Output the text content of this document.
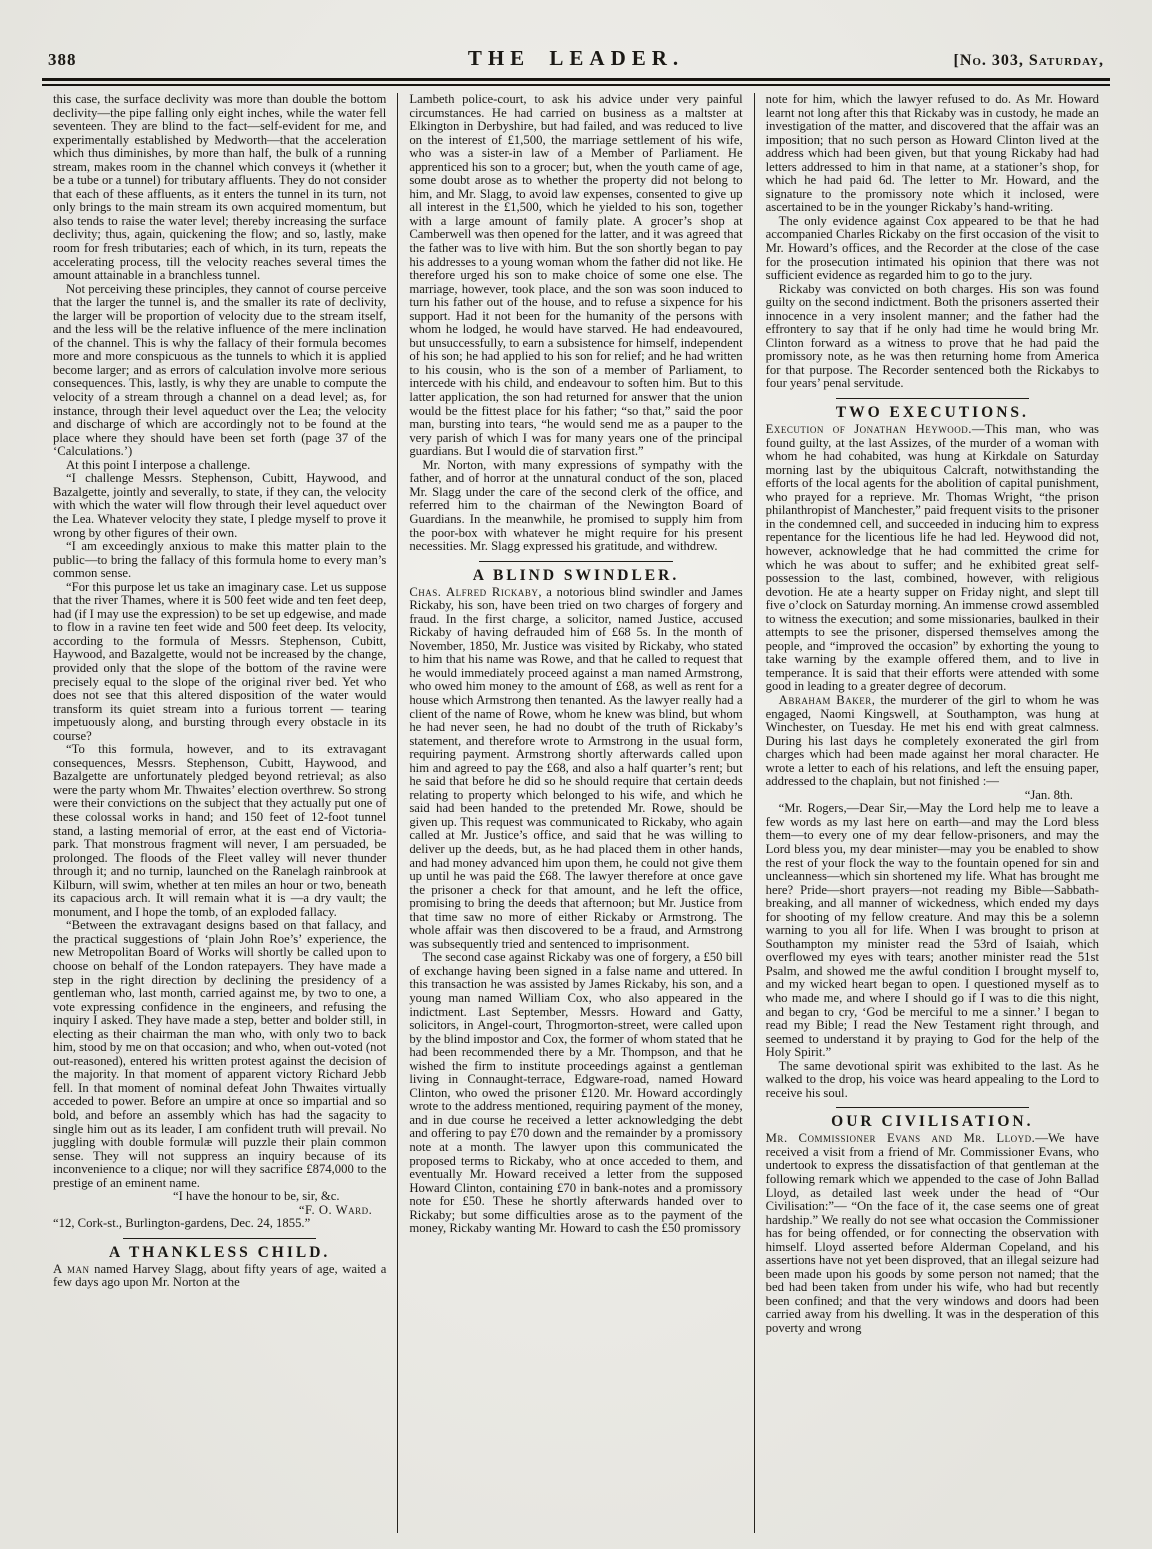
388	THE LEADER.	[No. 303, Saturday,

this case, the surface declivity was more than double the bottom declivity—the pipe falling only eight inches, while the water fell seventeen. They are blind to the fact—self-evident for me, and experimentally established by Medworth—that the acceleration which thus diminishes, by more than half, the bulk of a running stream, makes room in the channel which conveys it (whether it be a tube or a tunnel) for tributary affluents. They do not consider that each of these affluents, as it enters the tunnel in its turn, not only brings to the main stream its own acquired momentum, but also tends to raise the water level; thereby increasing the surface declivity; thus, again, quickening the flow; and so, lastly, make room for fresh tributaries; each of which, in its turn, repeats the accelerating process, till the velocity reaches several times the amount attainable in a branchless tunnel.

Not perceiving these principles, they cannot of course perceive that the larger the tunnel is, and the smaller its rate of declivity, the larger will be proportion of velocity due to the stream itself, and the less will be the relative influence of the mere inclination of the channel. This is why the fallacy of their formula becomes more and more conspicuous as the tunnels to which it is applied become larger; and as errors of calculation involve more serious consequences. This, lastly, is why they are unable to compute the velocity of a stream through a channel on a dead level; as, for instance, through their level aqueduct over the Lea; the velocity and discharge of which are accordingly not to be found at the place where they should have been set forth (page 37 of the ‘Calculations.’)

At this point I interpose a challenge.

“I challenge Messrs. Stephenson, Cubitt, Haywood, and Bazalgette, jointly and severally, to state, if they can, the velocity with which the water will flow through their level aqueduct over the Lea. Whatever velocity they state, I pledge myself to prove it wrong by other figures of their own.

“I am exceedingly anxious to make this matter plain to the public—to bring the fallacy of this formula home to every man’s common sense.

“For this purpose let us take an imaginary case. Let us suppose that the river Thames, where it is 500 feet wide and ten feet deep, had (if I may use the expression) to be set up edgewise, and made to flow in a ravine ten feet wide and 500 feet deep. Its velocity, according to the formula of Messrs. Stephenson, Cubitt, Haywood, and Bazalgette, would not be increased by the change, provided only that the slope of the bottom of the ravine were precisely equal to the slope of the original river bed. Yet who does not see that this altered disposition of the water would transform its quiet stream into a furious torrent — tearing impetuously along, and bursting through every obstacle in its course?

“To this formula, however, and to its extravagant consequences, Messrs. Stephenson, Cubitt, Haywood, and Bazalgette are unfortunately pledged beyond retrieval; as also were the party whom Mr. Thwaites’ election overthrew. So strong were their convictions on the subject that they actually put one of these colossal works in hand; and 150 feet of 12-foot tunnel stand, a lasting memorial of error, at the east end of Victoria-park. That monstrous fragment will never, I am persuaded, be prolonged. The floods of the Fleet valley will never thunder through it; and no turnip, launched on the Ranelagh rainbrook at Kilburn, will swim, whether at ten miles an hour or two, beneath its capacious arch. It will remain what it is —a dry vault; the monument, and I hope the tomb, of an exploded fallacy.

“Between the extravagant designs based on that fallacy, and the practical suggestions of ‘plain John Roe’s’ experience, the new Metropolitan Board of Works will shortly be called upon to choose on behalf of the London ratepayers. They have made a step in the right direction by declining the presidency of a gentleman who, last month, carried against me, by two to one, a vote expressing confidence in the engineers, and refusing the inquiry I asked. They have made a step, better and bolder still, in electing as their chairman the man who, with only two to back him, stood by me on that occasion; and who, when out-voted (not out-reasoned), entered his written protest against the decision of the majority. In that moment of apparent victory Richard Jebb fell. In that moment of nominal defeat John Thwaites virtually acceded to power. Before an umpire at once so impartial and so bold, and before an assembly which has had the sagacity to single him out as its leader, I am confident truth will prevail. No juggling with double formulæ will puzzle their plain common sense. They will not suppress an inquiry because of its inconvenience to a clique; nor will they sacrifice £874,000 to the prestige of an eminent name.

“I have the honour to be, sir, &c.

“F. O. Ward.

“12, Cork-st., Burlington-gardens, Dec. 24, 1855.”

A THANKLESS CHILD.

A man named Harvey Slagg, about fifty years of age, waited a few days ago upon Mr. Norton at the

Lambeth police-court, to ask his advice under very painful circumstances. He had carried on business as a maltster at Elkington in Derbyshire, but had failed, and was reduced to live on the interest of £1,500, the marriage settlement of his wife, who was a sister-in law of a Member of Parliament. He apprenticed his son to a grocer; but, when the youth came of age, some doubt arose as to whether the property did not belong to him, and Mr. Slagg, to avoid law expenses, consented to give up all interest in the £1,500, which he yielded to his son, together with a large amount of family plate. A grocer’s shop at Camberwell was then opened for the latter, and it was agreed that the father was to live with him. But the son shortly began to pay his addresses to a young woman whom the father did not like. He therefore urged his son to make choice of some one else. The marriage, however, took place, and the son was soon induced to turn his father out of the house, and to refuse a sixpence for his support. Had it not been for the humanity of the persons with whom he lodged, he would have starved. He had endeavoured, but unsuccessfully, to earn a subsistence for himself, independent of his son; he had applied to his son for relief; and he had written to his cousin, who is the son of a member of Parliament, to intercede with his child, and endeavour to soften him. But to this latter application, the son had returned for answer that the union would be the fittest place for his father; “so that,” said the poor man, bursting into tears, “he would send me as a pauper to the very parish of which I was for many years one of the principal guardians. But I would die of starvation first.”

Mr. Norton, with many expressions of sympathy with the father, and of horror at the unnatural conduct of the son, placed Mr. Slagg under the care of the second clerk of the office, and referred him to the chairman of the Newington Board of Guardians. In the meanwhile, he promised to supply him from the poor-box with whatever he might require for his present necessities. Mr. Slagg expressed his gratitude, and withdrew.

A BLIND SWINDLER.

Chas. Alfred Rickaby, a notorious blind swindler and James Rickaby, his son, have been tried on two charges of forgery and fraud. In the first charge, a solicitor, named Justice, accused Rickaby of having defrauded him of £68 5s. In the month of November, 1850, Mr. Justice was visited by Rickaby, who stated to him that his name was Rowe, and that he called to request that he would immediately proceed against a man named Armstrong, who owed him money to the amount of £68, as well as rent for a house which Armstrong then tenanted. As the lawyer really had a client of the name of Rowe, whom he knew was blind, but whom he had never seen, he had no doubt of the truth of Rickaby’s statement, and therefore wrote to Armstrong in the usual form, requiring payment. Armstrong shortly afterwards called upon him and agreed to pay the £68, and also a half quarter’s rent; but he said that before he did so he should require that certain deeds relating to property which belonged to his wife, and which he said had been handed to the pretended Mr. Rowe, should be given up. This request was communicated to Rickaby, who again called at Mr. Justice’s office, and said that he was willing to deliver up the deeds, but, as he had placed them in other hands, and had money advanced him upon them, he could not give them up until he was paid the £68. The lawyer therefore at once gave the prisoner a check for that amount, and he left the office, promising to bring the deeds that afternoon; but Mr. Justice from that time saw no more of either Rickaby or Armstrong. The whole affair was then discovered to be a fraud, and Armstrong was subsequently tried and sentenced to imprisonment.

The second case against Rickaby was one of forgery, a £50 bill of exchange having been signed in a false name and uttered. In this transaction he was assisted by James Rickaby, his son, and a young man named William Cox, who also appeared in the indictment. Last September, Messrs. Howard and Gatty, solicitors, in Angel-court, Throgmorton-street, were called upon by the blind impostor and Cox, the former of whom stated that he had been recommended there by a Mr. Thompson, and that he wished the firm to institute proceedings against a gentleman living in Connaught-terrace, Edgware-road, named Howard Clinton, who owed the prisoner £120. Mr. Howard accordingly wrote to the address mentioned, requiring payment of the money, and in due course he received a letter acknowledging the debt and offering to pay £70 down and the remainder by a promissory note at a month. The lawyer upon this communicated the proposed terms to Rickaby, who at once acceded to them, and eventually Mr. Howard received a letter from the supposed Howard Clinton, containing £70 in bank-notes and a promissory note for £50. These he shortly afterwards handed over to Rickaby; but some difficulties arose as to the payment of the money, Rickaby wanting Mr. Howard to cash the £50 promissory

note for him, which the lawyer refused to do. As Mr. Howard learnt not long after this that Rickaby was in custody, he made an investigation of the matter, and discovered that the affair was an imposition; that no such person as Howard Clinton lived at the address which had been given, but that young Rickaby had had letters addressed to him in that name, at a stationer’s shop, for which he had paid 6d. The letter to Mr. Howard, and the signature to the promissory note which it inclosed, were ascertained to be in the younger Rickaby’s hand-writing.

The only evidence against Cox appeared to be that he had accompanied Charles Rickaby on the first occasion of the visit to Mr. Howard’s offices, and the Recorder at the close of the case for the prosecution intimated his opinion that there was not sufficient evidence as regarded him to go to the jury.

Rickaby was convicted on both charges. His son was found guilty on the second indictment. Both the prisoners asserted their innocence in a very insolent manner; and the father had the effrontery to say that if he only had time he would bring Mr. Clinton forward as a witness to prove that he had paid the promissory note, as he was then returning home from America for that purpose. The Recorder sentenced both the Rickabys to four years’ penal servitude.

TWO EXECUTIONS.

Execution of Jonathan Heywood.—This man, who was found guilty, at the last Assizes, of the murder of a woman with whom he had cohabited, was hung at Kirkdale on Saturday morning last by the ubiquitous Calcraft, notwithstanding the efforts of the local agents for the abolition of capital punishment, who prayed for a reprieve. Mr. Thomas Wright, “the prison philanthropist of Manchester,” paid frequent visits to the prisoner in the condemned cell, and succeeded in inducing him to express repentance for the licentious life he had led. Heywood did not, however, acknowledge that he had committed the crime for which he was about to suffer; and he exhibited great self-possession to the last, combined, however, with religious devotion. He ate a hearty supper on Friday night, and slept till five o’clock on Saturday morning. An immense crowd assembled to witness the execution; and some missionaries, baulked in their attempts to see the prisoner, dispersed themselves among the people, and “improved the occasion” by exhorting the young to take warning by the example offered them, and to live in temperance. It is said that their efforts were attended with some good in leading to a greater degree of decorum.

Abraham Baker, the murderer of the girl to whom he was engaged, Naomi Kingswell, at Southampton, was hung at Winchester, on Tuesday. He met his end with great calmness. During his last days he completely exonerated the girl from charges which had been made against her moral character. He wrote a letter to each of his relations, and left the ensuing paper, addressed to the chaplain, but not finished :—

“Jan. 8th.

“Mr. Rogers,—Dear Sir,—May the Lord help me to leave a few words as my last here on earth—and may the Lord bless them—to every one of my dear fellow-prisoners, and may the Lord bless you, my dear minister—may you be enabled to show the rest of your flock the way to the fountain opened for sin and uncleanness—which sin shortened my life. What has brought me here? Pride—short prayers—not reading my Bible—Sabbath-breaking, and all manner of wickedness, which ended my days for shooting of my fellow creature. And may this be a solemn warning to you all for life. When I was brought to prison at Southampton my minister read the 53rd of Isaiah, which overflowed my eyes with tears; another minister read the 51st Psalm, and showed me the awful condition I brought myself to, and my wicked heart began to open. I questioned myself as to who made me, and where I should go if I was to die this night, and began to cry, ‘God be merciful to me a sinner.’ I began to read my Bible; I read the New Testament right through, and seemed to understand it by praying to God for the help of the Holy Spirit.”

The same devotional spirit was exhibited to the last. As he walked to the drop, his voice was heard appealing to the Lord to receive his soul.

OUR CIVILISATION.

Mr. Commissioner Evans and Mr. Lloyd.—We have received a visit from a friend of Mr. Commissioner Evans, who undertook to express the dissatisfaction of that gentleman at the following remark which we appended to the case of John Ballad Lloyd, as detailed last week under the head of “Our Civilisation:”— “On the face of it, the case seems one of great hardship.” We really do not see what occasion the Commissioner has for being offended, or for connecting the observation with himself. Lloyd asserted before Alderman Copeland, and his assertions have not yet been disproved, that an illegal seizure had been made upon his goods by some person not named; that the bed had been taken from under his wife, who had but recently been confined; and that the very windows and doors had been carried away from his dwelling. It was in the desperation of this poverty and wrong
